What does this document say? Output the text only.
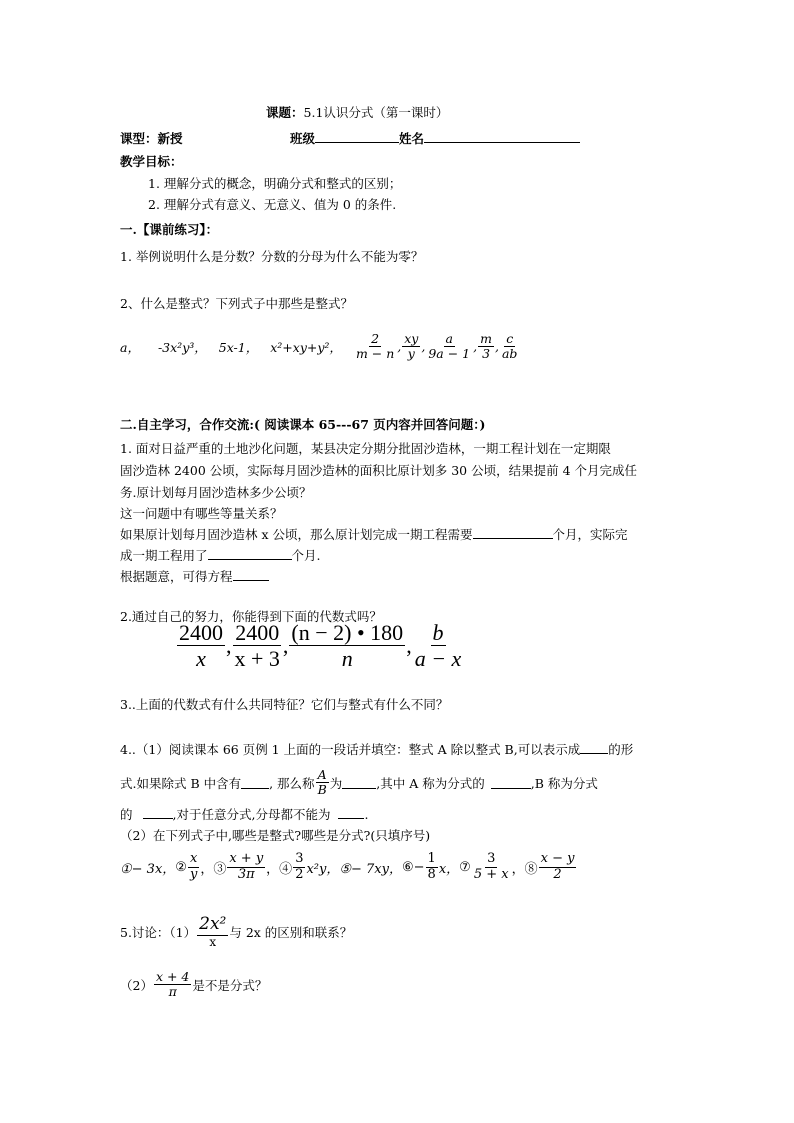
课题：5.1认识分式（第一课时）
课型：新授	班级	姓名
教学目标：
1. 理解分式的概念，明确分式和整式的区别；
2. 理解分式有意义、无意义、值为 0 的条件.
一.【课前练习】：
1. 举例说明什么是分数？分数的分母为什么不能为零？
2、什么是整式？下列式子中那些是整式？
a， -3x²y³， 5x-1， x²+xy+y²， $\frac{2}{m - n}$ , $\frac{xy}{y}$ , $\frac{a}{9a - 1}$ , $\frac{m}{3}$ , $\frac{c}{ab}$
二.自主学习，合作交流:( 阅读课本 65---67 页内容并回答问题：)
1. 面对日益严重的土地沙化问题，某县决定分期分批固沙造林，一期工程计划在一定期限
固沙造林 2400 公顷，实际每月固沙造林的面积比原计划多 30 公顷，结果提前 4 个月完成任
务.原计划每月固沙造林多少公顷？
这一问题中有哪些等量关系？
如果原计划每月固沙造林 x 公顷，那么原计划完成一期工程需要	个月，实际完
成一期工程用了	个月.
根据题意，可得方程
2.通过自己的努力，你能得到下面的代数式吗？
$\frac{2400}{x}$ , $\frac{2400}{x + 3}$ , $\frac{(n - 2) • 180}{n}$ , $\frac{b}{a - x}$
3..上面的代数式有什么共同特征？它们与整式有什么不同？
4..（1）阅读课本 66 页例 1 上面的一段话并填空：整式 A 除以整式 B,可以表示成 的形
式.如果除式 B 中含有 , 那么称 $\frac{A}{B}$ 为	,其中 A 称为分式的	,B 称为分式
的	,对于任意分式,分母都不能为	.
（2）在下列式子中,哪些是整式?哪些是分式?(只填序号)
①− 3x， ② $\frac{x}{y}$ ，③ $\frac{x + y}{3\pi}$ ，④ $\frac{3}{2} x^2y$， ⑤− 7xy， ⑥− $\frac{1}{8}$ x， ⑦ $\frac{3}{5 + x}$ ，⑧ $\frac{x - y}{2}$
5.讨论：$(1) \frac{\text{2x²}}{x}$ 与 2x 的区别和联系？
$(2) \frac{x + 4}{\pi}$ 是不是分式？
